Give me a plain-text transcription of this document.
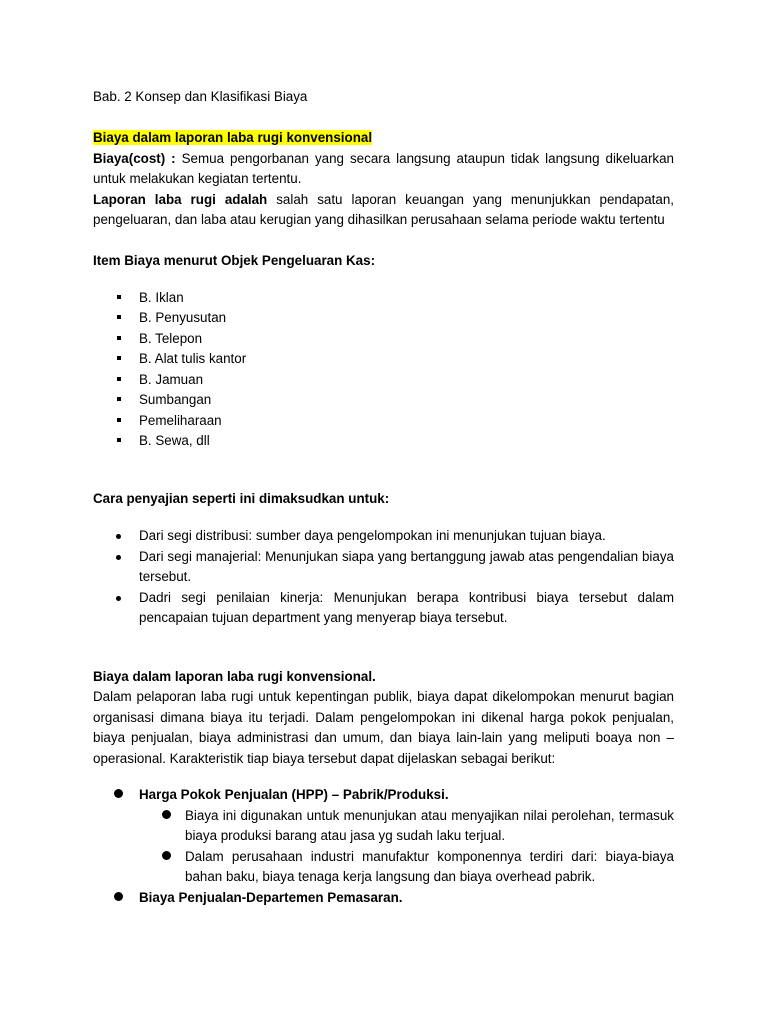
Bab. 2 Konsep dan Klasifikasi Biaya

Biaya dalam laporan laba rugi konvensional

Biaya(cost) : Semua pengorbanan yang secara langsung ataupun tidak langsung dikeluarkan untuk melakukan kegiatan tertentu.

Laporan laba rugi adalah salah satu laporan keuangan yang menunjukkan pendapatan, pengeluaran, dan laba atau kerugian yang dihasilkan perusahaan selama periode waktu tertentu

Item Biaya menurut Objek Pengeluaran Kas:

B. Iklan
B. Penyusutan
B. Telepon
B. Alat tulis kantor
B. Jamuan
Sumbangan
Pemeliharaan
B. Sewa, dll

Cara penyajian seperti ini dimaksudkan untuk:

Dari segi distribusi: sumber daya pengelompokan ini menunjukan tujuan biaya.
Dari segi manajerial: Menunjukan siapa yang bertanggung jawab atas pengendalian biaya tersebut.
Dadri segi penilaian kinerja: Menunjukan berapa kontribusi biaya tersebut dalam pencapaian tujuan department yang menyerap biaya tersebut.

Biaya dalam laporan laba rugi konvensional.

Dalam pelaporan laba rugi untuk kepentingan publik, biaya dapat dikelompokan menurut bagian organisasi dimana biaya itu terjadi. Dalam pengelompokan ini dikenal harga pokok penjualan, biaya penjualan, biaya administrasi dan umum, dan biaya lain-lain yang meliputi boaya non – operasional. Karakteristik tiap biaya tersebut dapat dijelaskan sebagai berikut:

Harga Pokok Penjualan (HPP) – Pabrik/Produksi.
Biaya ini digunakan untuk menunjukan atau menyajikan nilai perolehan, termasuk biaya produksi barang atau jasa yg sudah laku terjual.
Dalam perusahaan industri manufaktur komponennya terdiri dari: biaya-biaya bahan baku, biaya tenaga kerja langsung dan biaya overhead pabrik.
Biaya Penjualan-Departemen Pemasaran.
